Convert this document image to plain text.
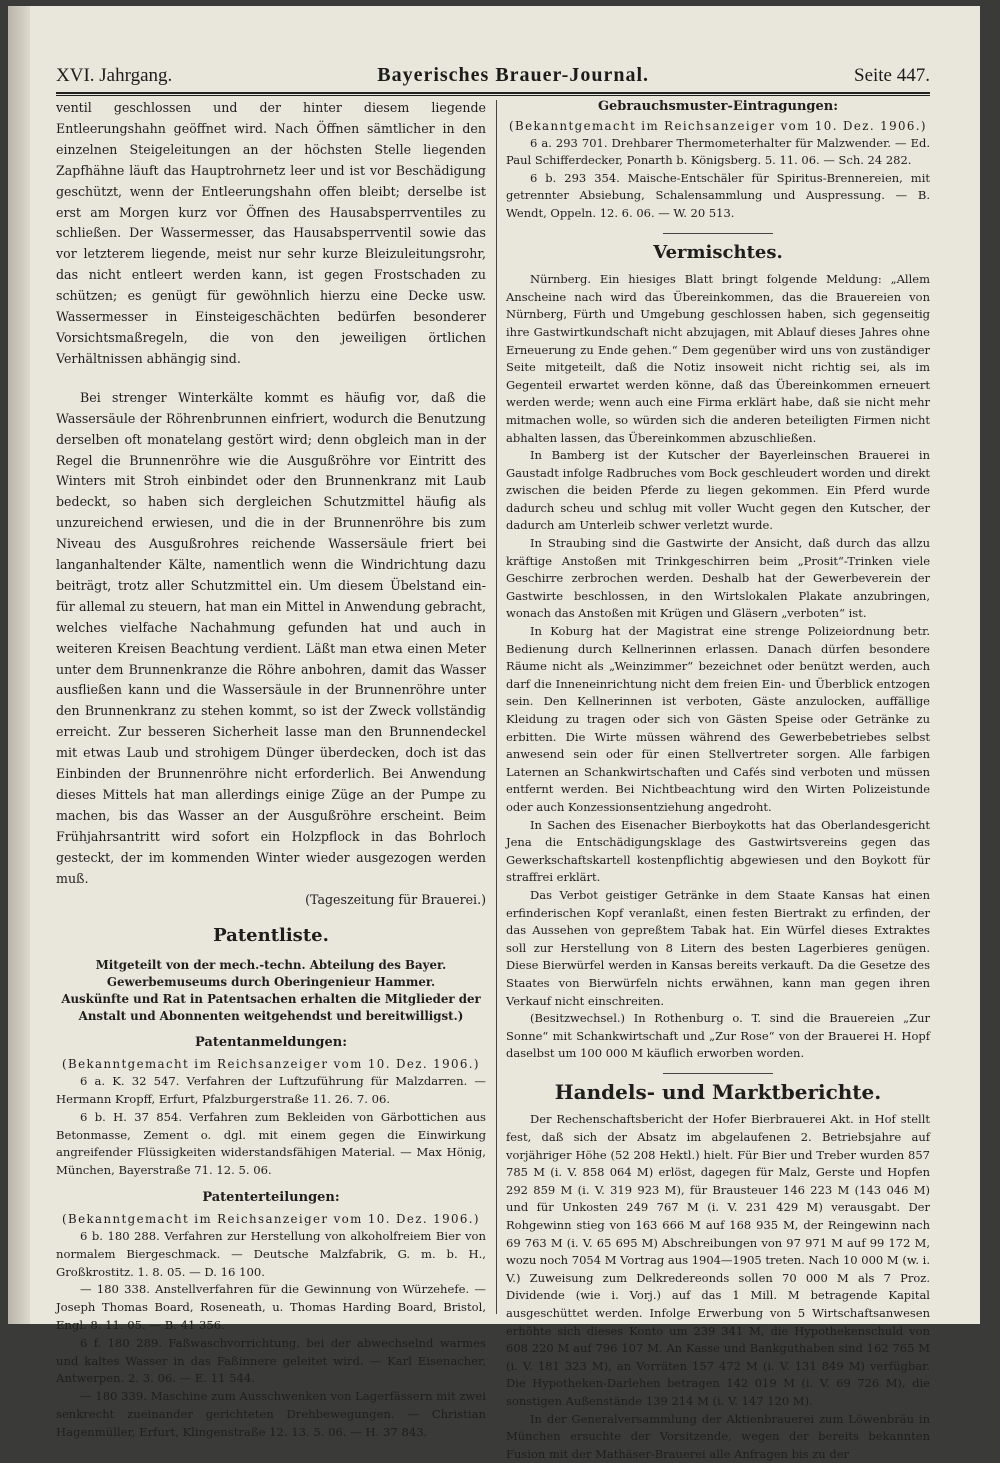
XVI. Jahrgang.	Bayerisches Brauer-Journal.	Seite 447.

ventil geschlossen und der hinter diesem liegende Entleerungshahn geöffnet wird. Nach Öffnen sämtlicher in den einzelnen Steigeleitungen an der höchsten Stelle liegenden Zapfhähne läuft das Hauptrohrnetz leer und ist vor Beschädigung geschützt, wenn der Entleerungshahn offen bleibt; derselbe ist erst am Morgen kurz vor Öffnen des Hausabsperrventiles zu schließen. Der Wassermesser, das Hausabsperrventil sowie das vor letzterem liegende, meist nur sehr kurze Bleizuleitungsrohr, das nicht entleert werden kann, ist gegen Frostschaden zu schützen; es genügt für gewöhnlich hierzu eine Decke usw. Wassermesser in Einsteigeschächten bedürfen besonderer Vorsichtsmaßregeln, die von den jeweiligen örtlichen Verhältnissen abhängig sind.

Bei strenger Winterkälte kommt es häufig vor, daß die Wassersäule der Röhrenbrunnen einfriert, wodurch die Benutzung derselben oft monatelang gestört wird; denn obgleich man in der Regel die Brunnenröhre wie die Ausgußröhre vor Eintritt des Winters mit Stroh einbindet oder den Brunnenkranz mit Laub bedeckt, so haben sich dergleichen Schutzmittel häufig als unzureichend erwiesen, und die in der Brunnenröhre bis zum Niveau des Ausgußrohres reichende Wassersäule friert bei langanhaltender Kälte, namentlich wenn die Windrichtung dazu beiträgt, trotz aller Schutzmittel ein. Um diesem Übelstand ein- für allemal zu steuern, hat man ein Mittel in Anwendung gebracht, welches vielfache Nachahmung gefunden hat und auch in weiteren Kreisen Beachtung verdient. Läßt man etwa einen Meter unter dem Brunnenkranze die Röhre anbohren, damit das Wasser ausfließen kann und die Wassersäule in der Brunnenröhre unter den Brunnenkranz zu stehen kommt, so ist der Zweck vollständig erreicht. Zur besseren Sicherheit lasse man den Brunnendeckel mit etwas Laub und strohigem Dünger überdecken, doch ist das Einbinden der Brunnenröhre nicht erforderlich. Bei Anwendung dieses Mittels hat man allerdings einige Züge an der Pumpe zu machen, bis das Wasser an der Ausgußröhre erscheint. Beim Frühjahrsantritt wird sofort ein Holzpflock in das Bohrloch gesteckt, der im kommenden Winter wieder ausgezogen werden muß.

(Tageszeitung für Brauerei.)

Patentliste.

Mitgeteilt von der mech.-techn. Abteilung des Bayer. Gewerbemuseums durch Oberingenieur Hammer.

Auskünfte und Rat in Patentsachen erhalten die Mitglieder der Anstalt und Abonnenten weitgehendst und bereitwilligst.)

Patentanmeldungen:

(Bekanntgemacht im Reichsanzeiger vom 10. Dez. 1906.)

6 a. K. 32 547. Verfahren der Luftzuführung für Malzdarren. — Hermann Kropff, Erfurt, Pfalzburgerstraße 11. 26. 7. 06.

6 b. H. 37 854. Verfahren zum Bekleiden von Gärbottichen aus Betonmasse, Zement o. dgl. mit einem gegen die Einwirkung angreifender Flüssigkeiten widerstandsfähigen Material. — Max Hönig, München, Bayerstraße 71. 12. 5. 06.

Patenterteilungen:

(Bekanntgemacht im Reichsanzeiger vom 10. Dez. 1906.)

6 b. 180 288. Verfahren zur Herstellung von alkoholfreiem Bier von normalem Biergeschmack. — Deutsche Malzfabrik, G. m. b. H., Großkrostitz. 1. 8. 05. — D. 16 100.

— 180 338. Anstellverfahren für die Gewinnung von Würzehefe. — Joseph Thomas Board, Roseneath, u. Thomas Harding Board, Bristol, Engl. 8. 11. 05. — B. 41 356.

6 f. 180 289. Faßwaschvorrichtung, bei der abwechselnd warmes und kaltes Wasser in das Faßinnere geleitet wird. — Karl Eisenacher, Antwerpen. 2. 3. 06. — E. 11 544.

— 180 339. Maschine zum Ausschwenken von Lagerfässern mit zwei senkrecht zueinander gerichteten Drehbewegungen. — Christian Hagenmüller, Erfurt, Klingenstraße 12. 13. 5. 06. — H. 37 843.

Gebrauchsmuster-Eintragungen:

(Bekanntgemacht im Reichsanzeiger vom 10. Dez. 1906.)

6 a. 293 701. Drehbarer Thermometerhalter für Malzwender. — Ed. Paul Schifferdecker, Ponarth b. Königsberg. 5. 11. 06. — Sch. 24 282.

6 b. 293 354. Maische-Entschäler für Spiritus-Brennereien, mit getrennter Absiebung, Schalensammlung und Auspressung. — B. Wendt, Oppeln. 12. 6. 06. — W. 20 513.

Vermischtes.

Nürnberg. Ein hiesiges Blatt bringt folgende Meldung: „Allem Anscheine nach wird das Übereinkommen, das die Brauereien von Nürnberg, Fürth und Umgebung geschlossen haben, sich gegenseitig ihre Gastwirtkundschaft nicht abzujagen, mit Ablauf dieses Jahres ohne Erneuerung zu Ende gehen.“ Dem gegenüber wird uns von zuständiger Seite mitgeteilt, daß die Notiz insoweit nicht richtig sei, als im Gegenteil erwartet werden könne, daß das Übereinkommen erneuert werden werde; wenn auch eine Firma erklärt habe, daß sie nicht mehr mitmachen wolle, so würden sich die anderen beteiligten Firmen nicht abhalten lassen, das Übereinkommen abzuschließen.

In Bamberg ist der Kutscher der Bayerleinschen Brauerei in Gaustadt infolge Radbruches vom Bock geschleudert worden und direkt zwischen die beiden Pferde zu liegen gekommen. Ein Pferd wurde dadurch scheu und schlug mit voller Wucht gegen den Kutscher, der dadurch am Unterleib schwer verletzt wurde.

In Straubing sind die Gastwirte der Ansicht, daß durch das allzu kräftige Anstoßen mit Trinkgeschirren beim „Prosit“-Trinken viele Geschirre zerbrochen werden. Deshalb hat der Gewerbeverein der Gastwirte beschlossen, in den Wirtslokalen Plakate anzubringen, wonach das Anstoßen mit Krügen und Gläsern „verboten“ ist.

In Koburg hat der Magistrat eine strenge Polizeiordnung betr. Bedienung durch Kellnerinnen erlassen. Danach dürfen besondere Räume nicht als „Weinzimmer“ bezeichnet oder benützt werden, auch darf die Inneneinrichtung nicht dem freien Ein- und Überblick entzogen sein. Den Kellnerinnen ist verboten, Gäste anzulocken, auffällige Kleidung zu tragen oder sich von Gästen Speise oder Getränke zu erbitten. Die Wirte müssen während des Gewerbebetriebes selbst anwesend sein oder für einen Stellvertreter sorgen. Alle farbigen Laternen an Schankwirtschaften und Cafés sind verboten und müssen entfernt werden. Bei Nichtbeachtung wird den Wirten Polizeistunde oder auch Konzessionsentziehung angedroht.

In Sachen des Eisenacher Bierboykotts hat das Oberlandesgericht Jena die Entschädigungsklage des Gastwirtsvereins gegen das Gewerkschaftskartell kostenpflichtig abgewiesen und den Boykott für straffrei erklärt.

Das Verbot geistiger Getränke in dem Staate Kansas hat einen erfinderischen Kopf veranlaßt, einen festen Biertrakt zu erfinden, der das Aussehen von gepreßtem Tabak hat. Ein Würfel dieses Extraktes soll zur Herstellung von 8 Litern des besten Lagerbieres genügen. Diese Bierwürfel werden in Kansas bereits verkauft. Da die Gesetze des Staates von Bierwürfeln nichts erwähnen, kann man gegen ihren Verkauf nicht einschreiten.

(Besitzwechsel.) In Rothenburg o. T. sind die Brauereien „Zur Sonne“ mit Schankwirtschaft und „Zur Rose“ von der Brauerei H. Hopf daselbst um 100 000 M käuflich erworben worden.

Handels- und Marktberichte.

Der Rechenschaftsbericht der Hofer Bierbrauerei Akt. in Hof stellt fest, daß sich der Absatz im abgelaufenen 2. Betriebsjahre auf vorjähriger Höhe (52 208 Hektl.) hielt. Für Bier und Treber wurden 857 785 M (i. V. 858 064 M) erlöst, dagegen für Malz, Gerste und Hopfen 292 859 M (i. V. 319 923 M), für Brausteuer 146 223 M (143 046 M) und für Unkosten 249 767 M (i. V. 231 429 M) verausgabt. Der Rohgewinn stieg von 163 666 M auf 168 935 M, der Reingewinn nach 69 763 M (i. V. 65 695 M) Abschreibungen von 97 971 M auf 99 172 M, wozu noch 7054 M Vortrag aus 1904—1905 treten. Nach 10 000 M (w. i. V.) Zuweisung zum Delkredereonds sollen 70 000 M als 7 Proz. Dividende (wie i. Vorj.) auf das 1 Mill. M betragende Kapital ausgeschüttet werden. Infolge Erwerbung von 5 Wirtschaftsanwesen erhöhte sich dieses Konto um 239 341 M, die Hypothekenschuld von 608 220 M auf 796 107 M. An Kasse und Bankguthaben sind 162 765 M (i. V. 181 323 M), an Vorräten 157 472 M (i. V. 131 849 M) verfügbar. Die Hypotheken-Darlehen betragen 142 019 M (i. V. 69 726 M), die sonstigen Außenstände 139 214 M (i. V. 147 120 M).

In der Generalversammlung der Aktienbrauerei zum Löwenbräu in München ersuchte der Vorsitzende, wegen der bereits bekannten Fusion mit der Mathäser-Brauerei alle Anfragen bis zu der
